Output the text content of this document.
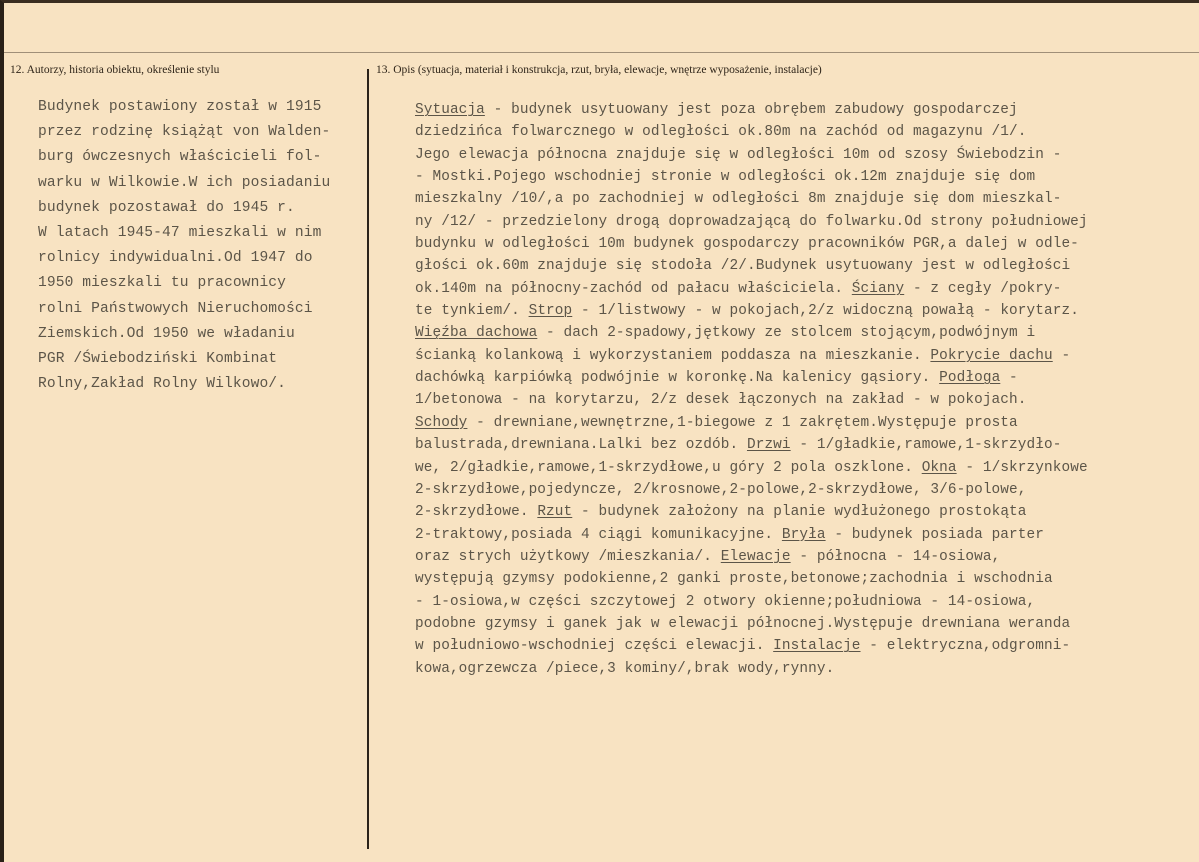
12. Autorzy, historia obiektu, określenie stylu	13. Opis (sytuacja, materiał i konstrukcja, rzut, bryła, elewacje, wnętrze wyposażenie, instalacje)
Budynek postawiony został w 1915
przez rodzinę książąt von Walden-
burg ówczesnych właścicieli fol-
warku w Wilkowie.W ich posiadaniu
budynek pozostawał do 1945 r.
W latach 1945-47 mieszkali w nim
rolnicy indywidualni.Od 1947 do
1950 mieszkali tu pracownicy
rolni Państwowych Nieruchomości
Ziemskich.Od 1950 we władaniu
PGR /Świebodziński Kombinat
Rolny,Zakład Rolny Wilkowo/.
Sytuacja - budynek usytuowany jest poza obrębem zabudowy gospodarczej
dziedzińca folwarcznego w odległości ok.80m na zachód od magazynu /1/.
Jego elewacja północna znajduje się w odległości 10m od szosy Świebodzin -
- Mostki.Pojego wschodniej stronie w odległości ok.12m znajduje się dom
mieszkalny /10/,a po zachodniej w odległości 8m znajduje się dom mieszkal-
ny /12/ - przedzielony drogą doprowadzającą do folwarku.Od strony południowej
budynku w odległości 10m budynek gospodarczy pracowników PGR,a dalej w odle-
głości ok.60m znajduje się stodoła /2/.Budynek usytuowany jest w odległości
ok.140m na północny-zachód od pałacu właściciela. Ściany - z cegły /pokry-
te tynkiem/. Strop - 1/listwowy - w pokojach,2/z widoczną powałą - korytarz.
Więźba dachowa - dach 2-spadowy,jętkowy ze stolcem stojącym,podwójnym i
ścianką kolankową i wykorzystaniem poddasza na mieszkanie. Pokrycie dachu -
dachówką karpiówką podwójnie w koronkę.Na kalenicy gąsiory. Podłoga -
1/betonowa - na korytarzu, 2/z desek łączonych na zakład - w pokojach.
Schody - drewniane,wewnętrzne,1-biegowe z 1 zakrętem.Występuje prosta
balustrada,drewniana.Lalki bez ozdób. Drzwi - 1/gładkie,ramowe,1-skrzydło-
we, 2/gładkie,ramowe,1-skrzydłowe,u góry 2 pola oszklone. Okna - 1/skrzynkowe
2-skrzydłowe,pojedyncze, 2/krosnowe,2-polowe,2-skrzydłowe, 3/6-polowe,
2-skrzydłowe. Rzut - budynek założony na planie wydłużonego prostokąta
2-traktowy,posiada 4 ciągi komunikacyjne. Bryła - budynek posiada parter
oraz strych użytkowy /mieszkania/. Elewacje - północna - 14-osiowa,
występują gzymsy podokienne,2 ganki proste,betonowe;zachodnia i wschodnia
- 1-osiowa,w części szczytowej 2 otwory okienne;południowa - 14-osiowa,
podobne gzymsy i ganek jak w elewacji północnej.Występuje drewniana weranda
w południowo-wschodniej części elewacji. Instalacje - elektryczna,odgromni-
kowa,ogrzewcza /piece,3 kominy/,brak wody,rynny.
